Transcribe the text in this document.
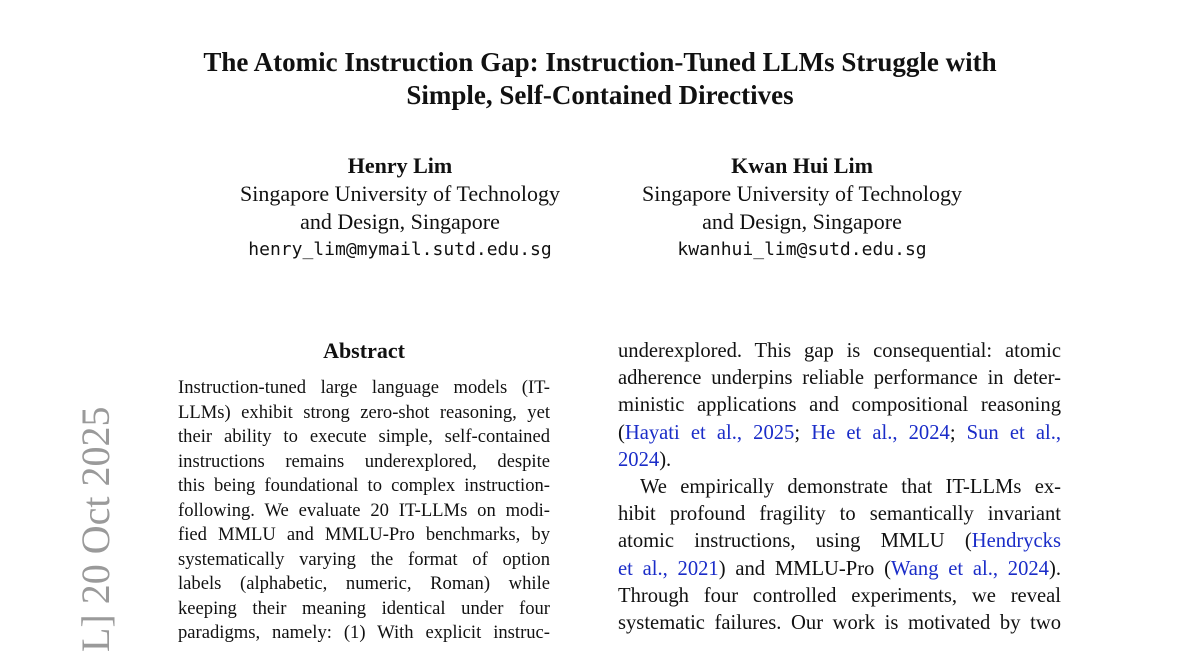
The Atomic Instruction Gap: Instruction-Tuned LLMs Struggle with
Simple, Self-Contained Directives
Henry Lim
Singapore University of Technology
and Design, Singapore
henry_lim@mymail.sutd.edu.sg
Kwan Hui Lim
Singapore University of Technology
and Design, Singapore
kwanhui_lim@sutd.edu.sg
L] 20 Oct 2025
Abstract
Instruction-tuned large language models (IT-
LLMs) exhibit strong zero-shot reasoning, yet
their ability to execute simple, self-contained
instructions remains underexplored, despite
this being foundational to complex instruction-
following. We evaluate 20 IT-LLMs on modi-
fied MMLU and MMLU-Pro benchmarks, by
systematically varying the format of option
labels (alphabetic, numeric, Roman) while
keeping their meaning identical under four
paradigms, namely: (1) With explicit instruc-
underexplored. This gap is consequential: atomic
adherence underpins reliable performance in deter-
ministic applications and compositional reasoning
(Hayati et al., 2025; He et al., 2024; Sun et al.,
2024).
We empirically demonstrate that IT-LLMs ex-
hibit profound fragility to semantically invariant
atomic instructions, using MMLU (Hendrycks
et al., 2021) and MMLU-Pro (Wang et al., 2024).
Through four controlled experiments, we reveal
systematic failures. Our work is motivated by two
